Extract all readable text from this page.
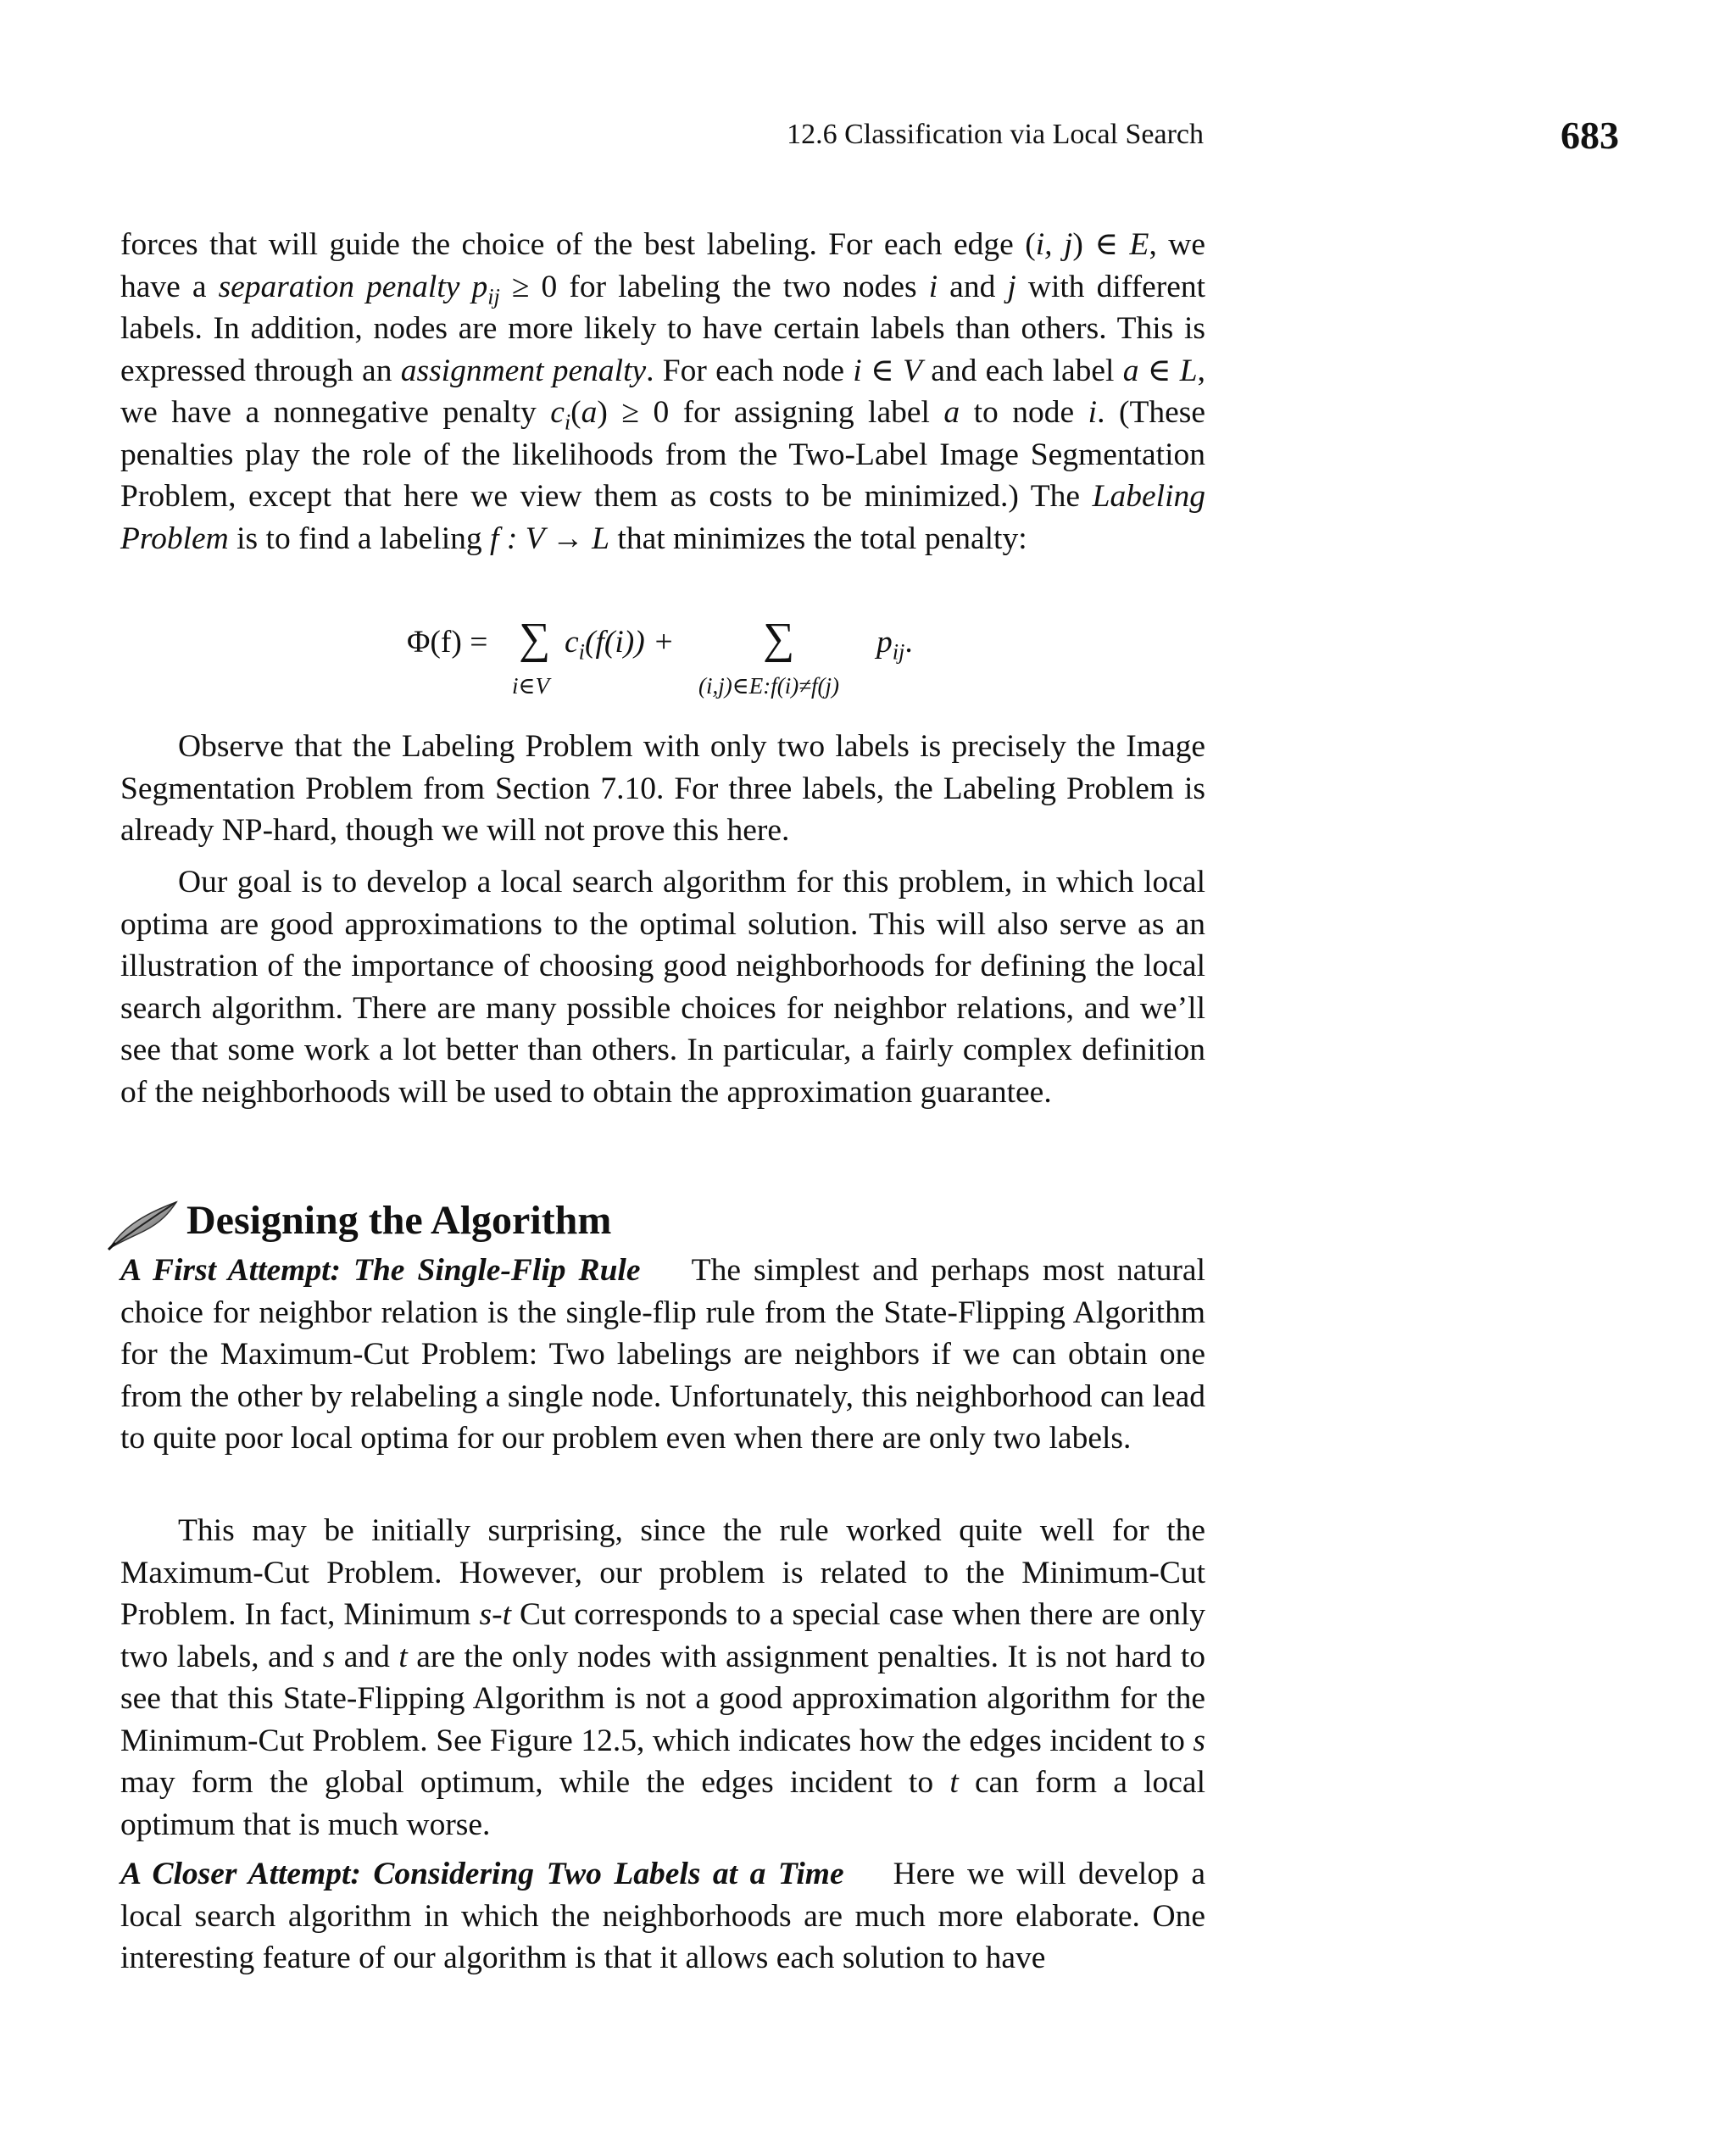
12.6 Classification via Local Search	683

forces that will guide the choice of the best labeling. For each edge (i, j) ∈ E, we have a separation penalty $p_{ij} \ge 0$ for labeling the two nodes i and j with different labels. In addition, nodes are more likely to have certain labels than others. This is expressed through an assignment penalty. For each node i ∈ V and each label a ∈ L, we have a nonnegative penalty $c_i(a) \ge 0$ for assigning label a to node i. (These penalties play the role of the likelihoods from the Two-Label Image Segmentation Problem, except that here we view them as costs to be minimized.) The Labeling Problem is to find a labeling f : V → L that minimizes the total penalty:

Φ(f) = ∑
i∈V
$c_i(f(i))$ + ∑
(i,j)∈E:f(i)≠f(j)
$p_{ij}$.

Observe that the Labeling Problem with only two labels is precisely the Image Segmentation Problem from Section 7.10. For three labels, the Labeling Problem is already NP-hard, though we will not prove this here.

Our goal is to develop a local search algorithm for this problem, in which local optima are good approximations to the optimal solution. This will also serve as an illustration of the importance of choosing good neighborhoods for defining the local search algorithm. There are many possible choices for neighbor relations, and we’ll see that some work a lot better than others. In particular, a fairly complex definition of the neighborhoods will be used to obtain the approximation guarantee.

Designing the Algorithm

A First Attempt: The Single-Flip Rule The simplest and perhaps most natural choice for neighbor relation is the single-flip rule from the State-Flipping Algorithm for the Maximum-Cut Problem: Two labelings are neighbors if we can obtain one from the other by relabeling a single node. Unfortunately, this neighborhood can lead to quite poor local optima for our problem even when there are only two labels.

This may be initially surprising, since the rule worked quite well for the Maximum-Cut Problem. However, our problem is related to the Minimum-Cut Problem. In fact, Minimum s-t Cut corresponds to a special case when there are only two labels, and s and t are the only nodes with assignment penalties. It is not hard to see that this State-Flipping Algorithm is not a good approximation algorithm for the Minimum-Cut Problem. See Figure 12.5, which indicates how the edges incident to s may form the global optimum, while the edges incident to t can form a local optimum that is much worse.

A Closer Attempt: Considering Two Labels at a Time Here we will develop a local search algorithm in which the neighborhoods are much more elaborate. One interesting feature of our algorithm is that it allows each solution to have
